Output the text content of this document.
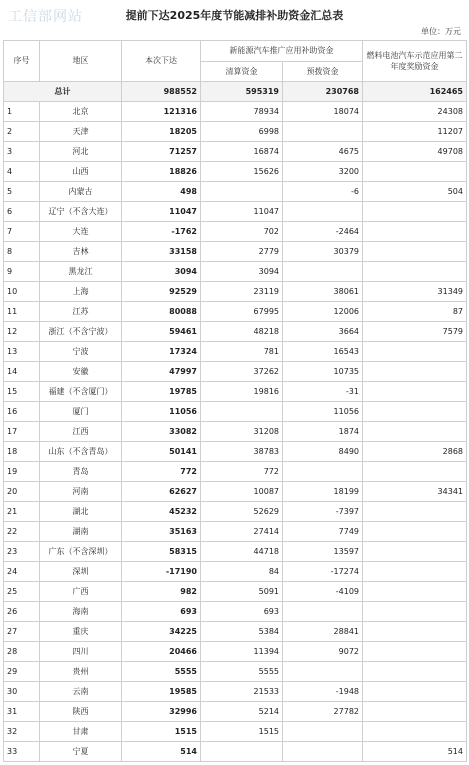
工信部网站	提前下达2025年度节能减排补助资金汇总表
单位：万元
序号	地区	本次下达	新能源汽车推广应用补助资金		燃料电池汽车示范应用第二年度奖励资金
			清算资金	预拨资金	
总计		988552	595319	230768	162465
1	北京	121316	78934	18074	24308
2	天津	18205	6998		11207
3	河北	71257	16874	4675	49708
4	山西	18826	15626	3200	
5	内蒙古	498		-6	504
6	辽宁（不含大连）	11047	11047		
7	大连	-1762	702	-2464	
8	吉林	33158	2779	30379	
9	黑龙江	3094	3094		
10	上海	92529	23119	38061	31349
11	江苏	80088	67995	12006	87
12	浙江（不含宁波）	59461	48218	3664	7579
13	宁波	17324	781	16543	
14	安徽	47997	37262	10735	
15	福建（不含厦门）	19785	19816	-31	
16	厦门	11056		11056	
17	江西	33082	31208	1874	
18	山东（不含青岛）	50141	38783	8490	2868
19	青岛	772	772		
20	河南	62627	10087	18199	34341
21	湖北	45232	52629	-7397	
22	湖南	35163	27414	7749	
23	广东（不含深圳）	58315	44718	13597	
24	深圳	-17190	84	-17274	
25	广西	982	5091	-4109	
26	海南	693	693		
27	重庆	34225	5384	28841	
28	四川	20466	11394	9072	
29	贵州	5555	5555		
30	云南	19585	21533	-1948	
31	陕西	32996	5214	27782	
32	甘肃	1515	1515		
33	宁夏	514			514
